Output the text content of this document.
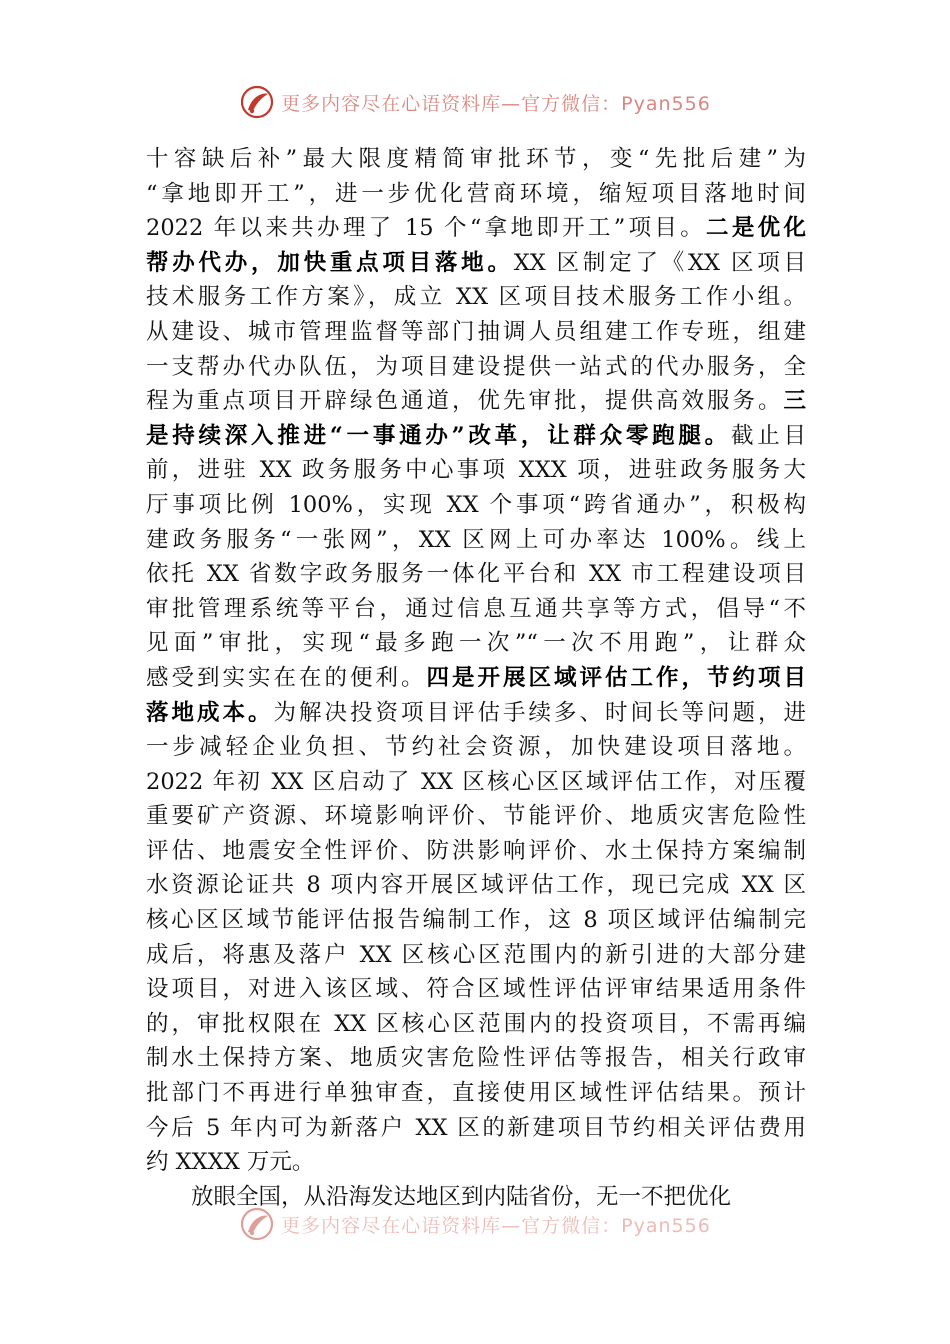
更多内容尽在心语资料库—官方微信：Pyan556
十容缺后补”最大限度精简审批环节，变“先批后建”为
“拿地即开工”，进一步优化营商环境，缩短项目落地时间
2022 年以来共办理了 15 个“拿地即开工”项目。二是优化
帮办代办，加快重点项目落地。XX 区制定了《XX 区项目
技术服务工作方案》，成立 XX 区项目技术服务工作小组。
从建设、城市管理监督等部门抽调人员组建工作专班，组建
一支帮办代办队伍，为项目建设提供一站式的代办服务，全
程为重点项目开辟绿色通道，优先审批，提供高效服务。三
是持续深入推进“一事通办”改革，让群众零跑腿。截止目
前，进驻 XX 政务服务中心事项 XXX 项，进驻政务服务大
厅事项比例 100%，实现 XX 个事项“跨省通办”，积极构
建政务服务“一张网”，XX 区网上可办率达 100%。线上
依托 XX 省数字政务服务一体化平台和 XX 市工程建设项目
审批管理系统等平台，通过信息互通共享等方式，倡导“不
见面”审批，实现“最多跑一次”“一次不用跑”，让群众
感受到实实在在的便利。四是开展区域评估工作，节约项目
落地成本。为解决投资项目评估手续多、时间长等问题，进
一步减轻企业负担、节约社会资源，加快建设项目落地。
2022 年初 XX 区启动了 XX 区核心区区域评估工作，对压覆
重要矿产资源、环境影响评价、节能评价、地质灾害危险性
评估、地震安全性评价、防洪影响评价、水土保持方案编制
水资源论证共 8 项内容开展区域评估工作，现已完成 XX 区
核心区区域节能评估报告编制工作，这 8 项区域评估编制完
成后，将惠及落户 XX 区核心区范围内的新引进的大部分建
设项目，对进入该区域、符合区域性评估评审结果适用条件
的，审批权限在 XX 区核心区范围内的投资项目，不需再编
制水土保持方案、地质灾害危险性评估等报告，相关行政审
批部门不再进行单独审查，直接使用区域性评估结果。预计
今后 5 年内可为新落户 XX 区的新建项目节约相关评估费用
约 XXXX 万元。
放眼全国，从沿海发达地区到内陆省份，无一不把优化
更多内容尽在心语资料库—官方微信：Pyan556
